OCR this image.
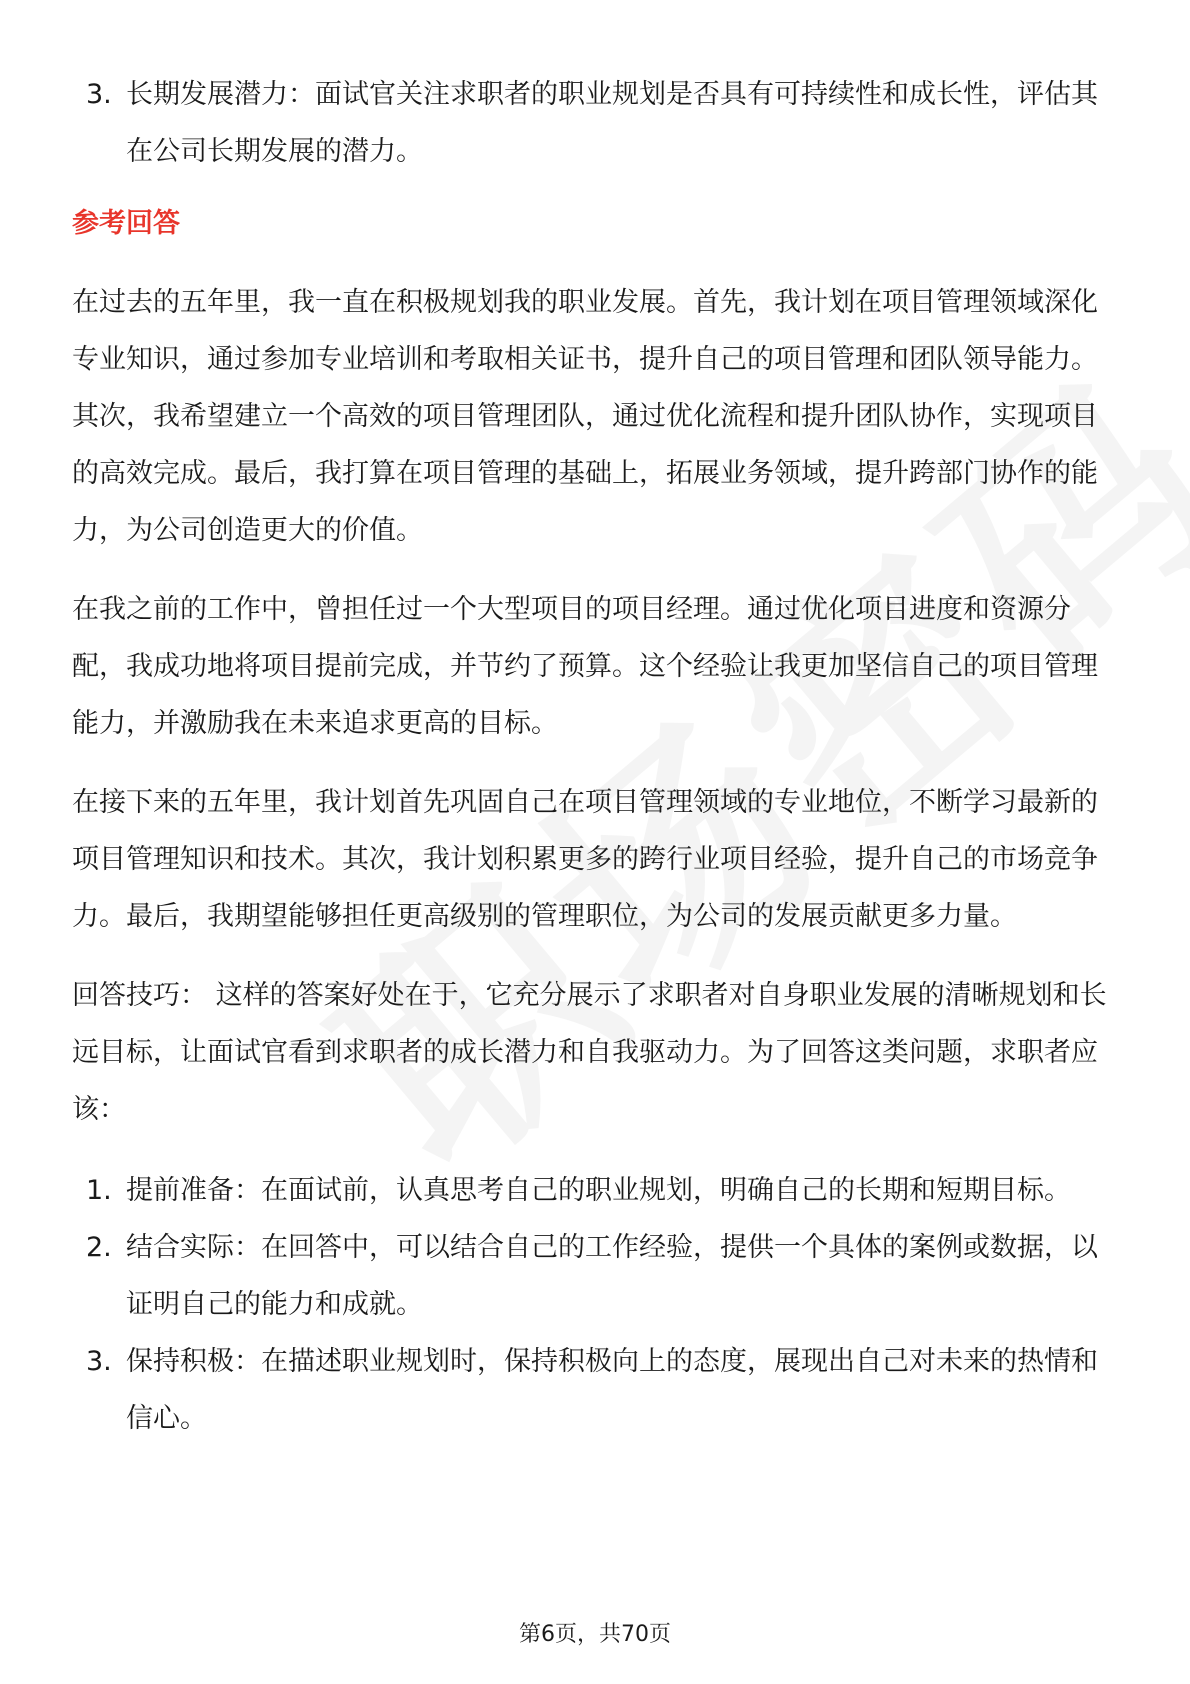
3. 长期发展潜力：面试官关注求职者的职业规划是否具有可持续性和成长性，评估其在公司长期发展的潜力。
参考回答

在过去的五年里，我一直在积极规划我的职业发展。首先，我计划在项目管理领域深化专业知识，通过参加专业培训和考取相关证书，提升自己的项目管理和团队领导能力。其次，我希望建立一个高效的项目管理团队，通过优化流程和提升团队协作，实现项目的高效完成。最后，我打算在项目管理的基础上，拓展业务领域，提升跨部门协作的能力，为公司创造更大的价值。

在我之前的工作中，曾担任过一个大型项目的项目经理。通过优化项目进度和资源分配，我成功地将项目提前完成，并节约了预算。这个经验让我更加坚信自己的项目管理能力，并激励我在未来追求更高的目标。

在接下来的五年里，我计划首先巩固自己在项目管理领域的专业地位，不断学习最新的项目管理知识和技术。其次，我计划积累更多的跨行业项目经验，提升自己的市场竞争力。最后，我期望能够担任更高级别的管理职位，为公司的发展贡献更多力量。

回答技巧： 这样的答案好处在于，它充分展示了求职者对自身职业发展的清晰规划和长远目标，让面试官看到求职者的成长潜力和自我驱动力。为了回答这类问题，求职者应该：

1. 提前准备：在面试前，认真思考自己的职业规划，明确自己的长期和短期目标。
2. 结合实际：在回答中，可以结合自己的工作经验，提供一个具体的案例或数据，以证明自己的能力和成就。
3. 保持积极：在描述职业规划时，保持积极向上的态度，展现出自己对未来的热情和信心。
第6页，共70页
